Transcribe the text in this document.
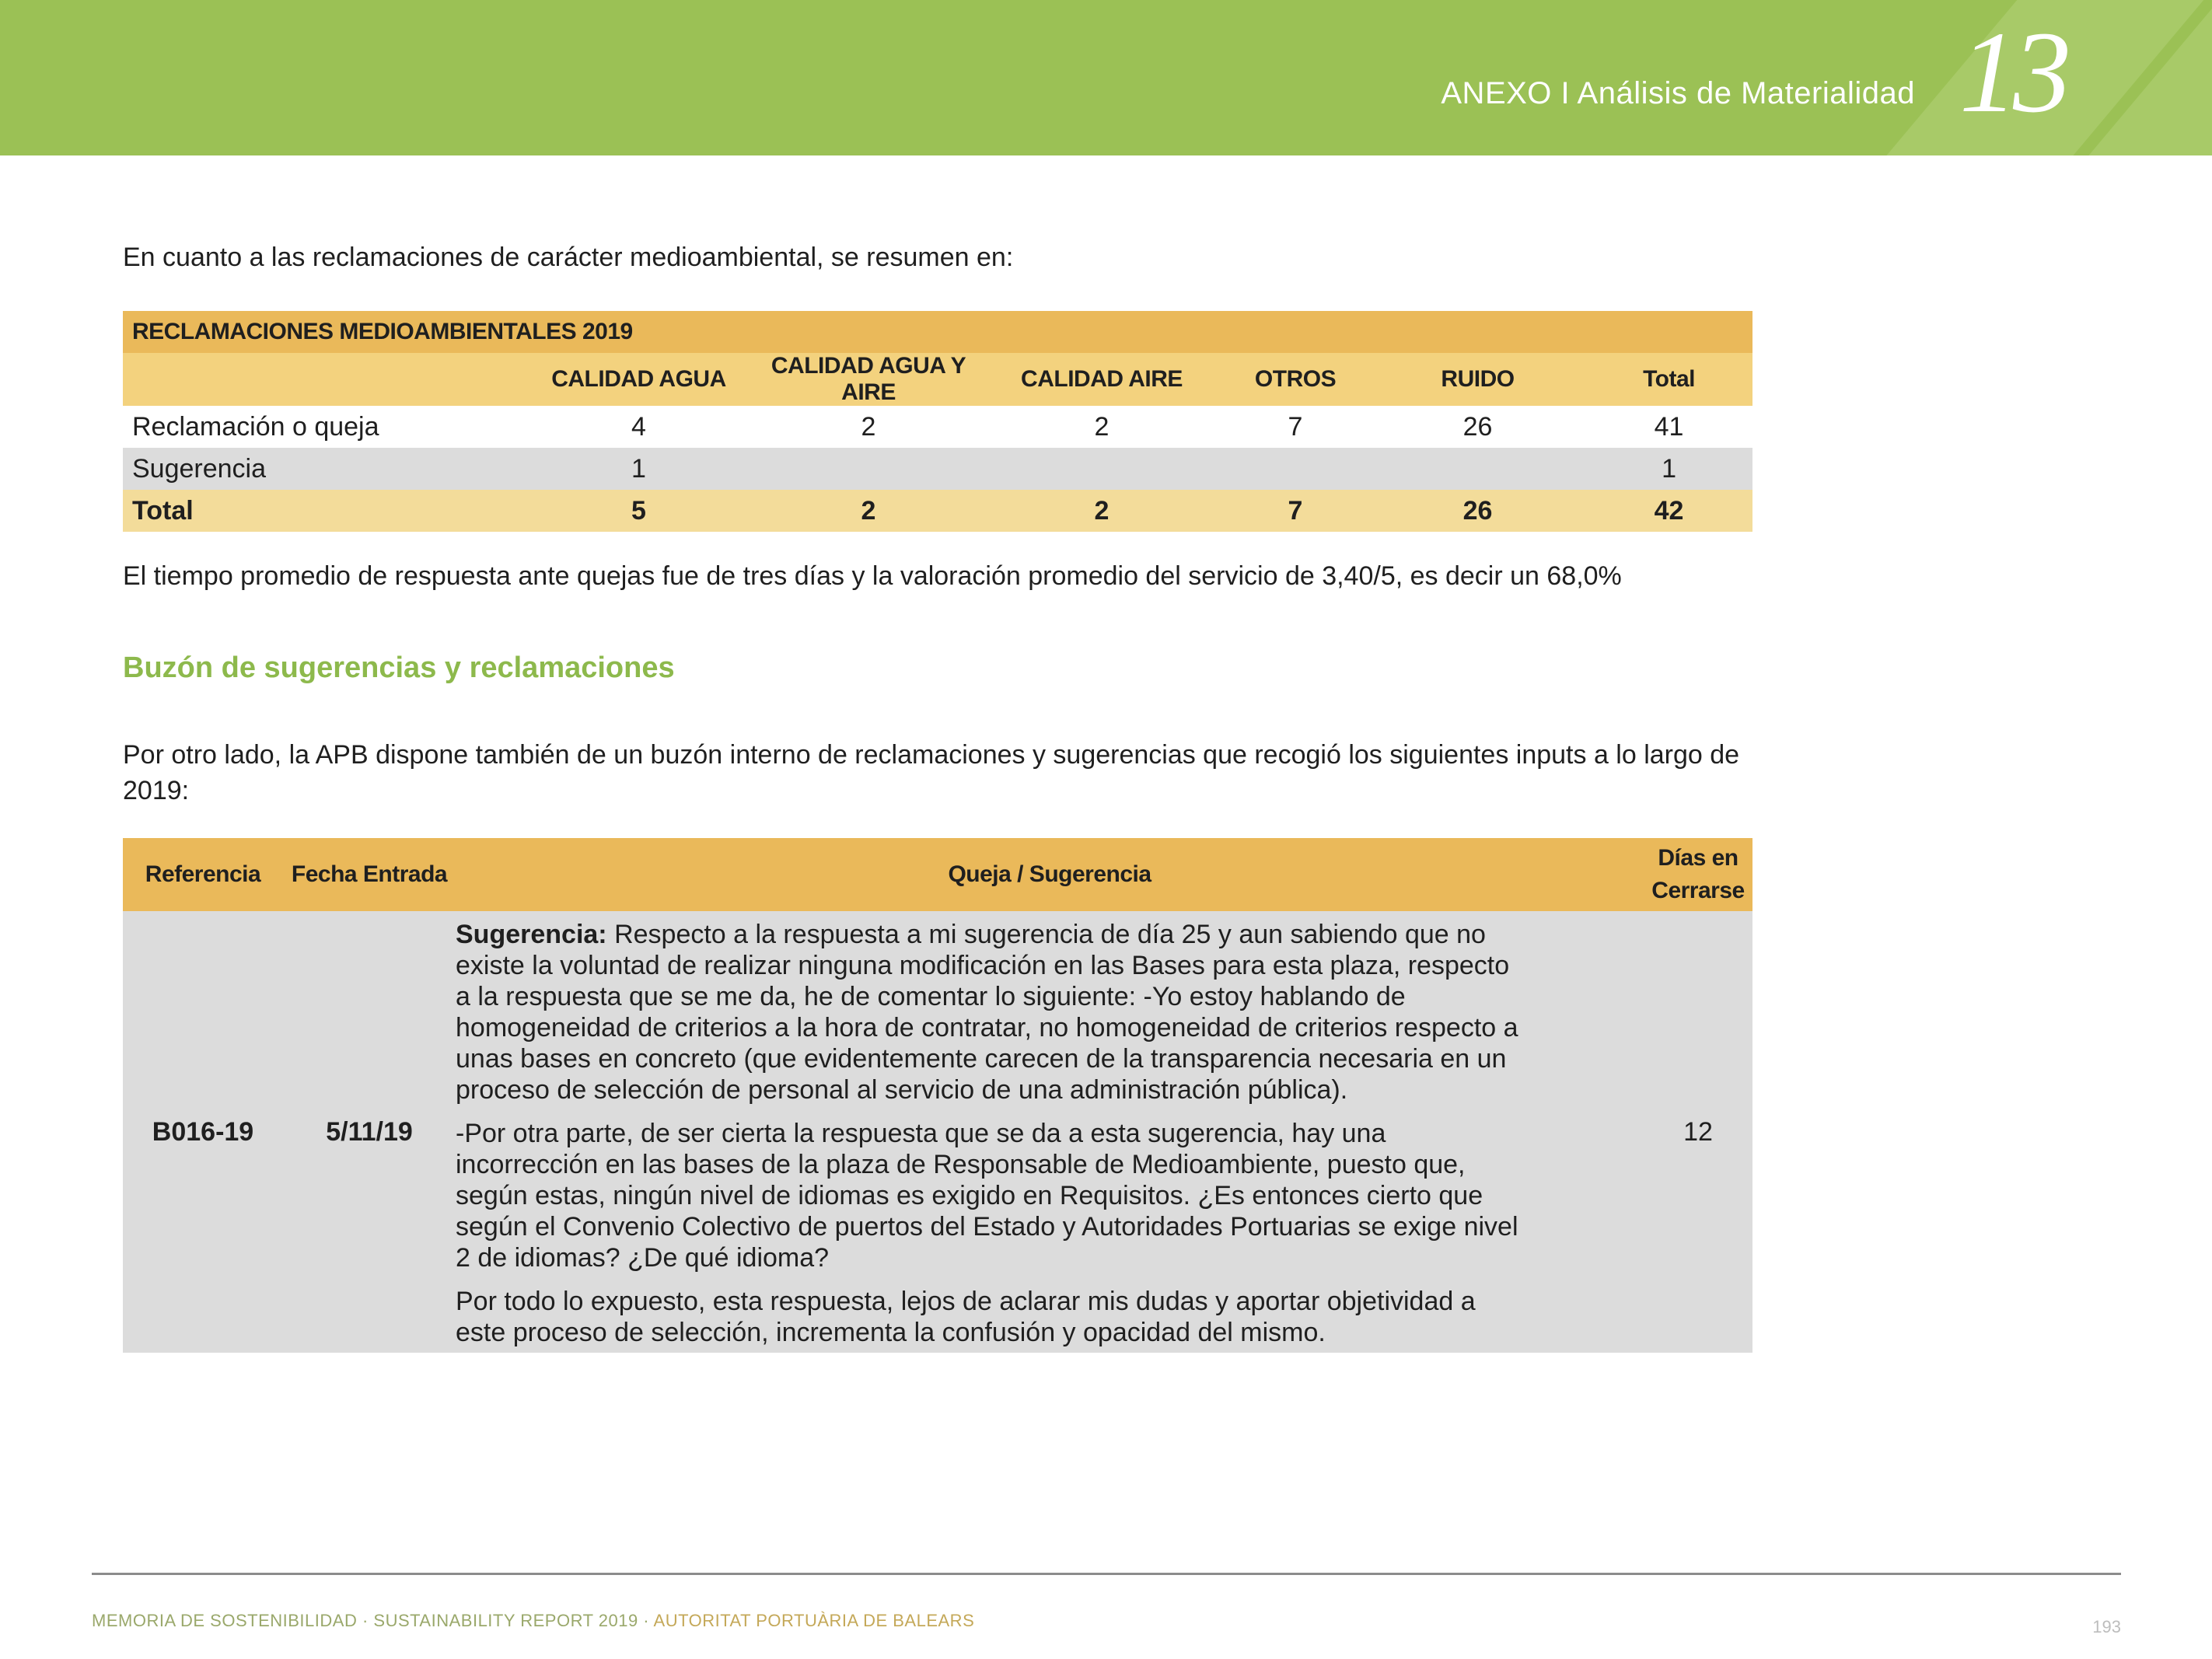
ANEXO I Análisis de Materialidad 13

En cuanto a las reclamaciones de carácter medioambiental, se resumen en:

RECLAMACIONES MEDIOAMBIENTALES 2019						
	CALIDAD AGUA	CALIDAD AGUA Y AIRE	CALIDAD AIRE	OTROS	RUIDO	Total
Reclamación o queja	4	2	2	7	26	41
Sugerencia	1					1
Total	5	2	2	7	26	42

El tiempo promedio de respuesta ante quejas fue de tres días y la valoración promedio del servicio de 3,40/5, es decir un 68,0%

Buzón de sugerencias y reclamaciones

Por otro lado, la APB dispone también de un buzón interno de reclamaciones y sugerencias que recogió los siguientes inputs a lo largo de 2019:

Referencia	Fecha Entrada	Queja / Sugerencia	Días en
Cerrarse
B016-19	5/11/19	Sugerencia: Respecto a la respuesta a mi sugerencia de día 25 y aun sabiendo que no existe la voluntad de realizar ninguna modificación en las Bases para esta plaza, respecto a la respuesta que se me da, he de comentar lo siguiente: -Yo estoy hablando de homogeneidad de criterios a la hora de contratar, no homogeneidad de criterios respecto a unas bases en concreto (que evidentemente carecen de la transparencia necesaria en un proceso de selección de personal al servicio de una administración pública).

-Por otra parte, de ser cierta la respuesta que se da a esta sugerencia, hay una incorrección en las bases de la plaza de Responsable de Medioambiente, puesto que, según estas, ningún nivel de idiomas es exigido en Requisitos. ¿Es entonces cierto que según el Convenio Colectivo de puertos del Estado y Autoridades Portuarias se exige nivel 2 de idiomas? ¿De qué idioma?

Por todo lo expuesto, esta respuesta, lejos de aclarar mis dudas y aportar objetividad a este proceso de selección, incrementa la confusión y opacidad del mismo.	12
MEMORIA DE SOSTENIBILIDAD · SUSTAINABILITY REPORT 2019 · AUTORITAT PORTUÀRIA DE BALEARS	193
